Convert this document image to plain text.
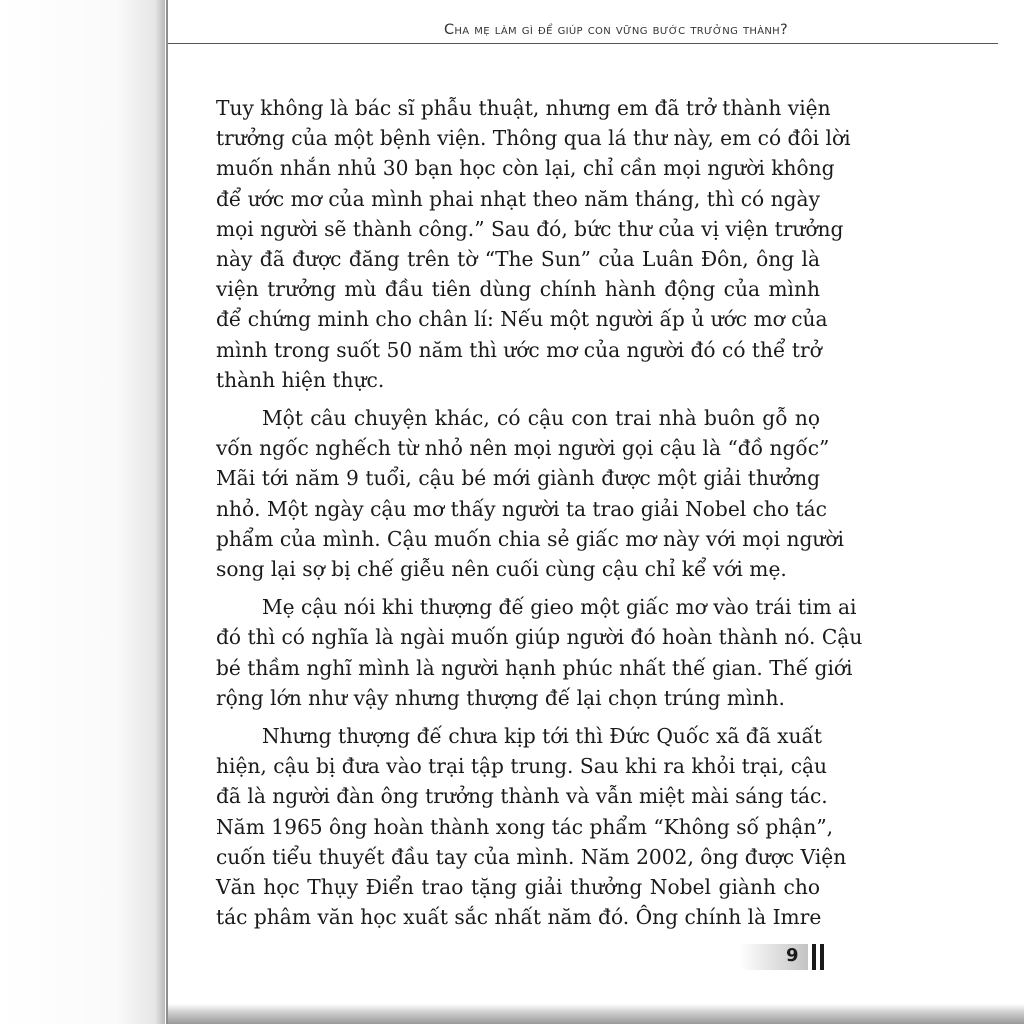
Cha mẹ làm gì để giúp con vững bước trưởng thành?
Tuy không là bác sĩ phẫu thuật, nhưng em đã trở thành viện
trưởng của một bệnh viện. Thông qua lá thư này, em có đôi lời
muốn nhắn nhủ 30 bạn học còn lại, chỉ cần mọi người không
để ước mơ của mình phai nhạt theo năm tháng, thì có ngày
mọi người sẽ thành công.” Sau đó, bức thư của vị viện trưởng
này đã được đăng trên tờ “The Sun” của Luân Đôn, ông là
viện trưởng mù đầu tiên dùng chính hành động của mình
để chứng minh cho chân lí: Nếu một người ấp ủ ước mơ của
mình trong suốt 50 năm thì ước mơ của người đó có thể trở
thành hiện thực.
Một câu chuyện khác, có cậu con trai nhà buôn gỗ nọ
vốn ngốc nghếch từ nhỏ nên mọi người gọi cậu là “đồ ngốc”
Mãi tới năm 9 tuổi, cậu bé mới giành được một giải thưởng
nhỏ. Một ngày cậu mơ thấy người ta trao giải Nobel cho tác
phẩm của mình. Cậu muốn chia sẻ giấc mơ này với mọi người
song lại sợ bị chế giễu nên cuối cùng cậu chỉ kể với mẹ.
Mẹ cậu nói khi thượng đế gieo một giấc mơ vào trái tim ai
đó thì có nghĩa là ngài muốn giúp người đó hoàn thành nó. Cậu
bé thầm nghĩ mình là người hạnh phúc nhất thế gian. Thế giới
rộng lớn như vậy nhưng thượng đế lại chọn trúng mình.
Nhưng thượng đế chưa kịp tới thì Đức Quốc xã đã xuất
hiện, cậu bị đưa vào trại tập trung. Sau khi ra khỏi trại, cậu
đã là người đàn ông trưởng thành và vẫn miệt mài sáng tác.
Năm 1965 ông hoàn thành xong tác phẩm “Không số phận”,
cuốn tiểu thuyết đầu tay của mình. Năm 2002, ông được Viện
Văn học Thụy Điển trao tặng giải thưởng Nobel giành cho
tác phâm văn học xuất sắc nhất năm đó. Ông chính là Imre
9
